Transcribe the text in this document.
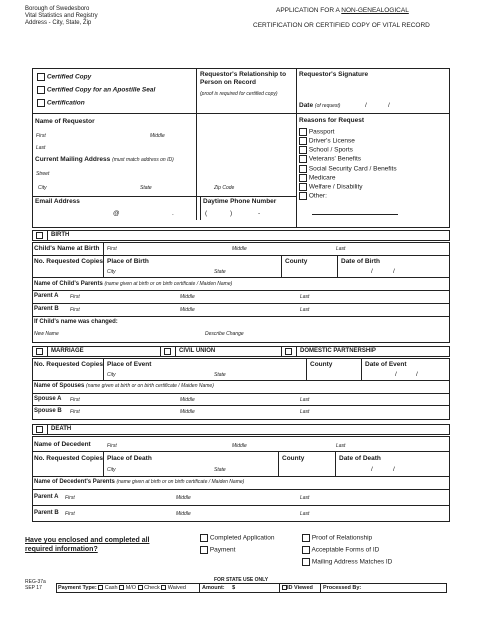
Borough of Swedesboro
Vital Statistics and Registry
Address - City, State, Zip
APPLICATION FOR A NON-GENEALOGICAL
CERTIFICATION OR CERTIFIED COPY OF VITAL RECORD
Certified Copy
Certified Copy for an Apostille Seal
Certification
Requestor's Relationship to Person on Record
(proof is required for certified copy)
Requestor's Signature
Date (of request)	/	/
Name of Requestor
First	Middle
Last
Current Mailing Address (must match address on ID)
Street
City	State	Zip Code
Email Address
@	.
Daytime Phone Number
(	)	-
Reasons for Request
Passport
Driver's License
School / Sports
Veterans' Benefits
Social Security Card / Benefits
Medicare
Welfare / Disability
Other:
BIRTH
Child's Name at Birth First	Middle	Last
No. Requested Copies Place of Birth
City	State
County	Date of Birth
/	/
Name of Child's Parents (name given at birth or on birth certificate / Maiden Name)
Parent A First	Middle	Last
Parent B First	Middle	Last
If Child's name was changed:
New Name	Describe Change
MARRIAGE	CIVIL UNION	DOMESTIC PARTNERSHIP
No. Requested Copies Place of Event
City	State
County	Date of Event
/	/
Name of Spouses (name given at birth or on birth certificate / Maiden Name)
Spouse A First	Middle	Last
Spouse B First	Middle	Last
DEATH
Name of Decedent	First	Middle	Last
No. Requested Copies Place of Death
City	State
County	Date of Death
/	/
Name of Decedent's Parents (name given at birth or on birth certificate / Maiden Name)
Parent A First	Middle	Last
Parent B First	Middle	Last
Have you enclosed and completed all
required information?
Completed Application
Payment
Proof of Relationship
Acceptable Forms of ID
Mailing Address Matches ID
REG-37a
SEP 17
FOR STATE USE ONLY
Payment Type: Cash M/O Check Waived	Amount: $	ID Viewed Processed By:
